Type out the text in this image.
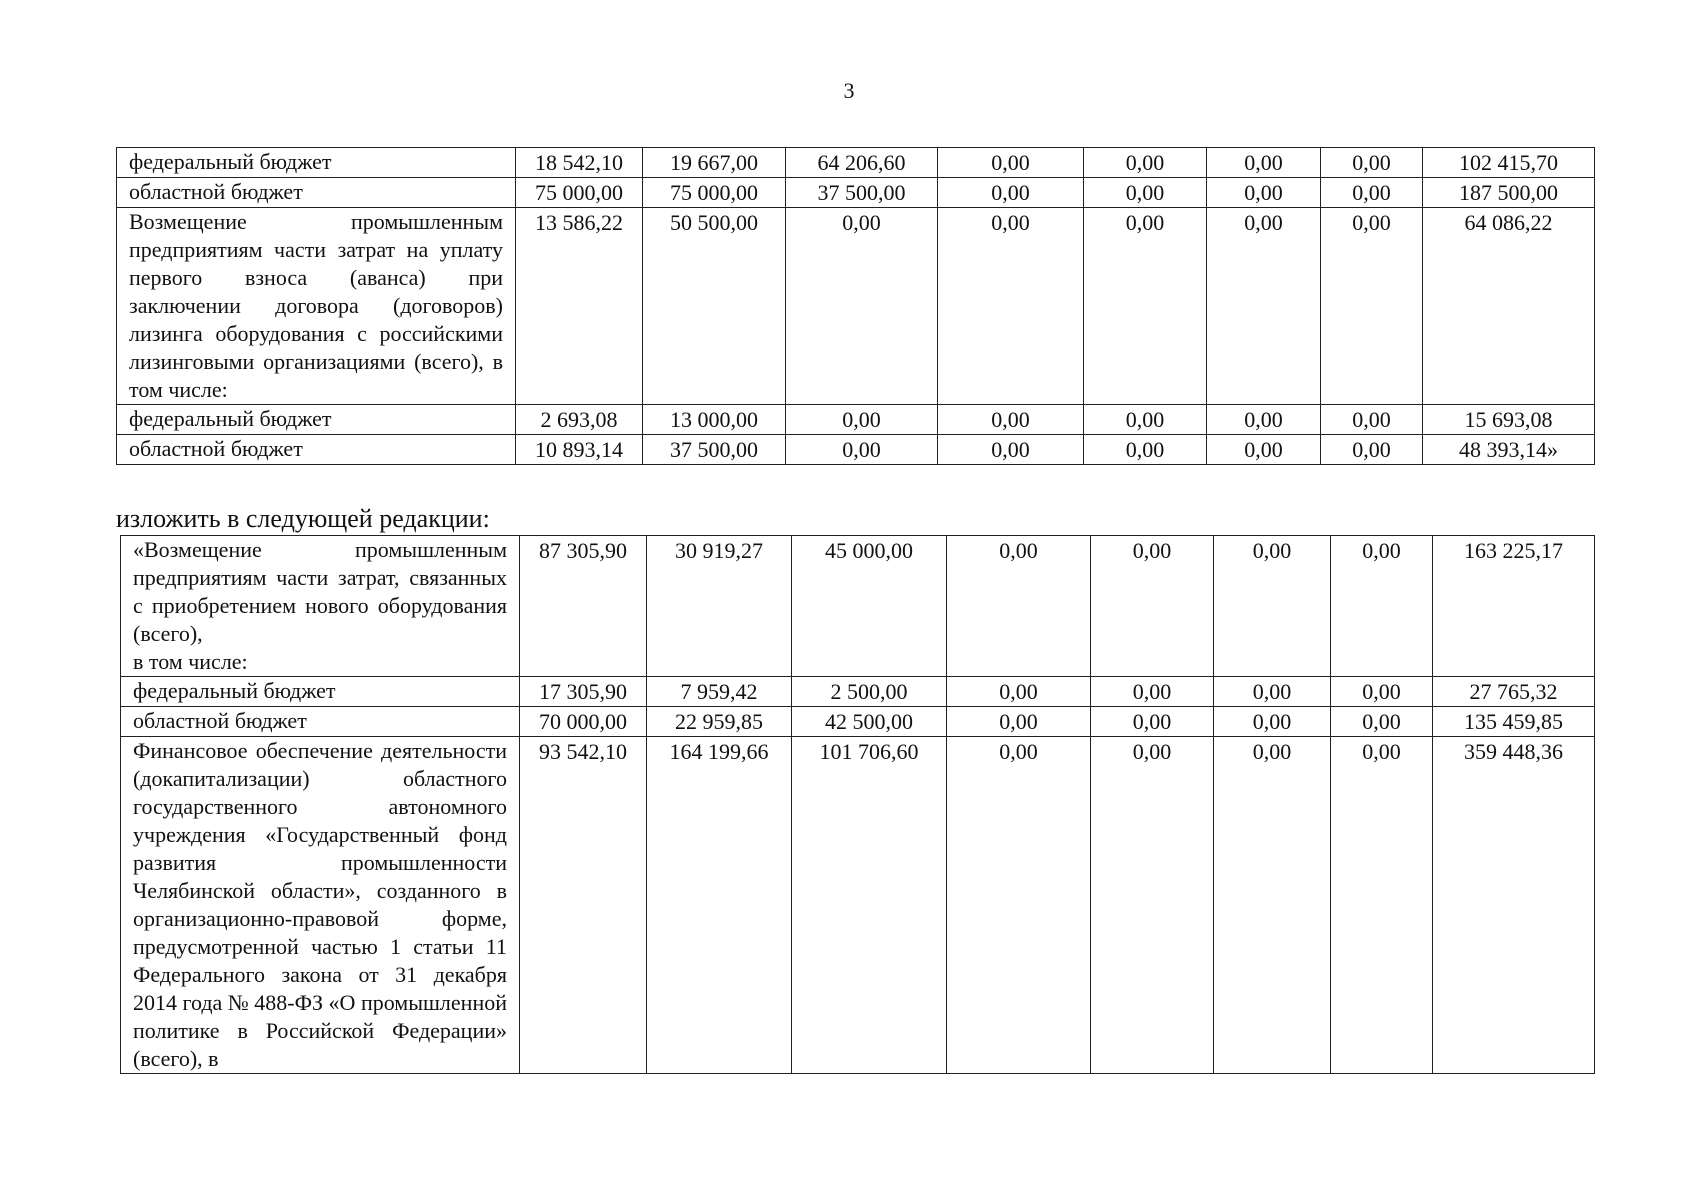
3
федеральный бюджет	18 542,10	19 667,00	64 206,60	0,00	0,00	0,00	0,00	102 415,70
областной бюджет	75 000,00	75 000,00	37 500,00	0,00	0,00	0,00	0,00	187 500,00
Возмещение промышленным предприятиям части затрат на уплату первого взноса (аванса) при заключении договора (договоров) лизинга оборудования с российскими лизинговыми организациями (всего), в том числе:	13 586,22	50 500,00	0,00	0,00	0,00	0,00	0,00	64 086,22
федеральный бюджет	2 693,08	13 000,00	0,00	0,00	0,00	0,00	0,00	15 693,08
областной бюджет	10 893,14	37 500,00	0,00	0,00	0,00	0,00	0,00	48 393,14»
изложить в следующей редакции:
«Возмещение промышленным предприятиям части затрат, связанных с приобретением нового оборудования (всего),
в том числе:	87 305,90	30 919,27	45 000,00	0,00	0,00	0,00	0,00	163 225,17
федеральный бюджет	17 305,90	7 959,42	2 500,00	0,00	0,00	0,00	0,00	27 765,32
областной бюджет	70 000,00	22 959,85	42 500,00	0,00	0,00	0,00	0,00	135 459,85
Финансовое обеспечение деятельности (докапитализации) областного государственного автономного учреждения «Государственный фонд развития промышленности Челябинской области», созданного в организационно-правовой форме, предусмотренной частью 1 статьи 11 Федерального закона от 31 декабря 2014 года № 488-ФЗ «О промышленной политике в Российской Федерации» (всего), в	93 542,10	164 199,66	101 706,60	0,00	0,00	0,00	0,00	359 448,36
